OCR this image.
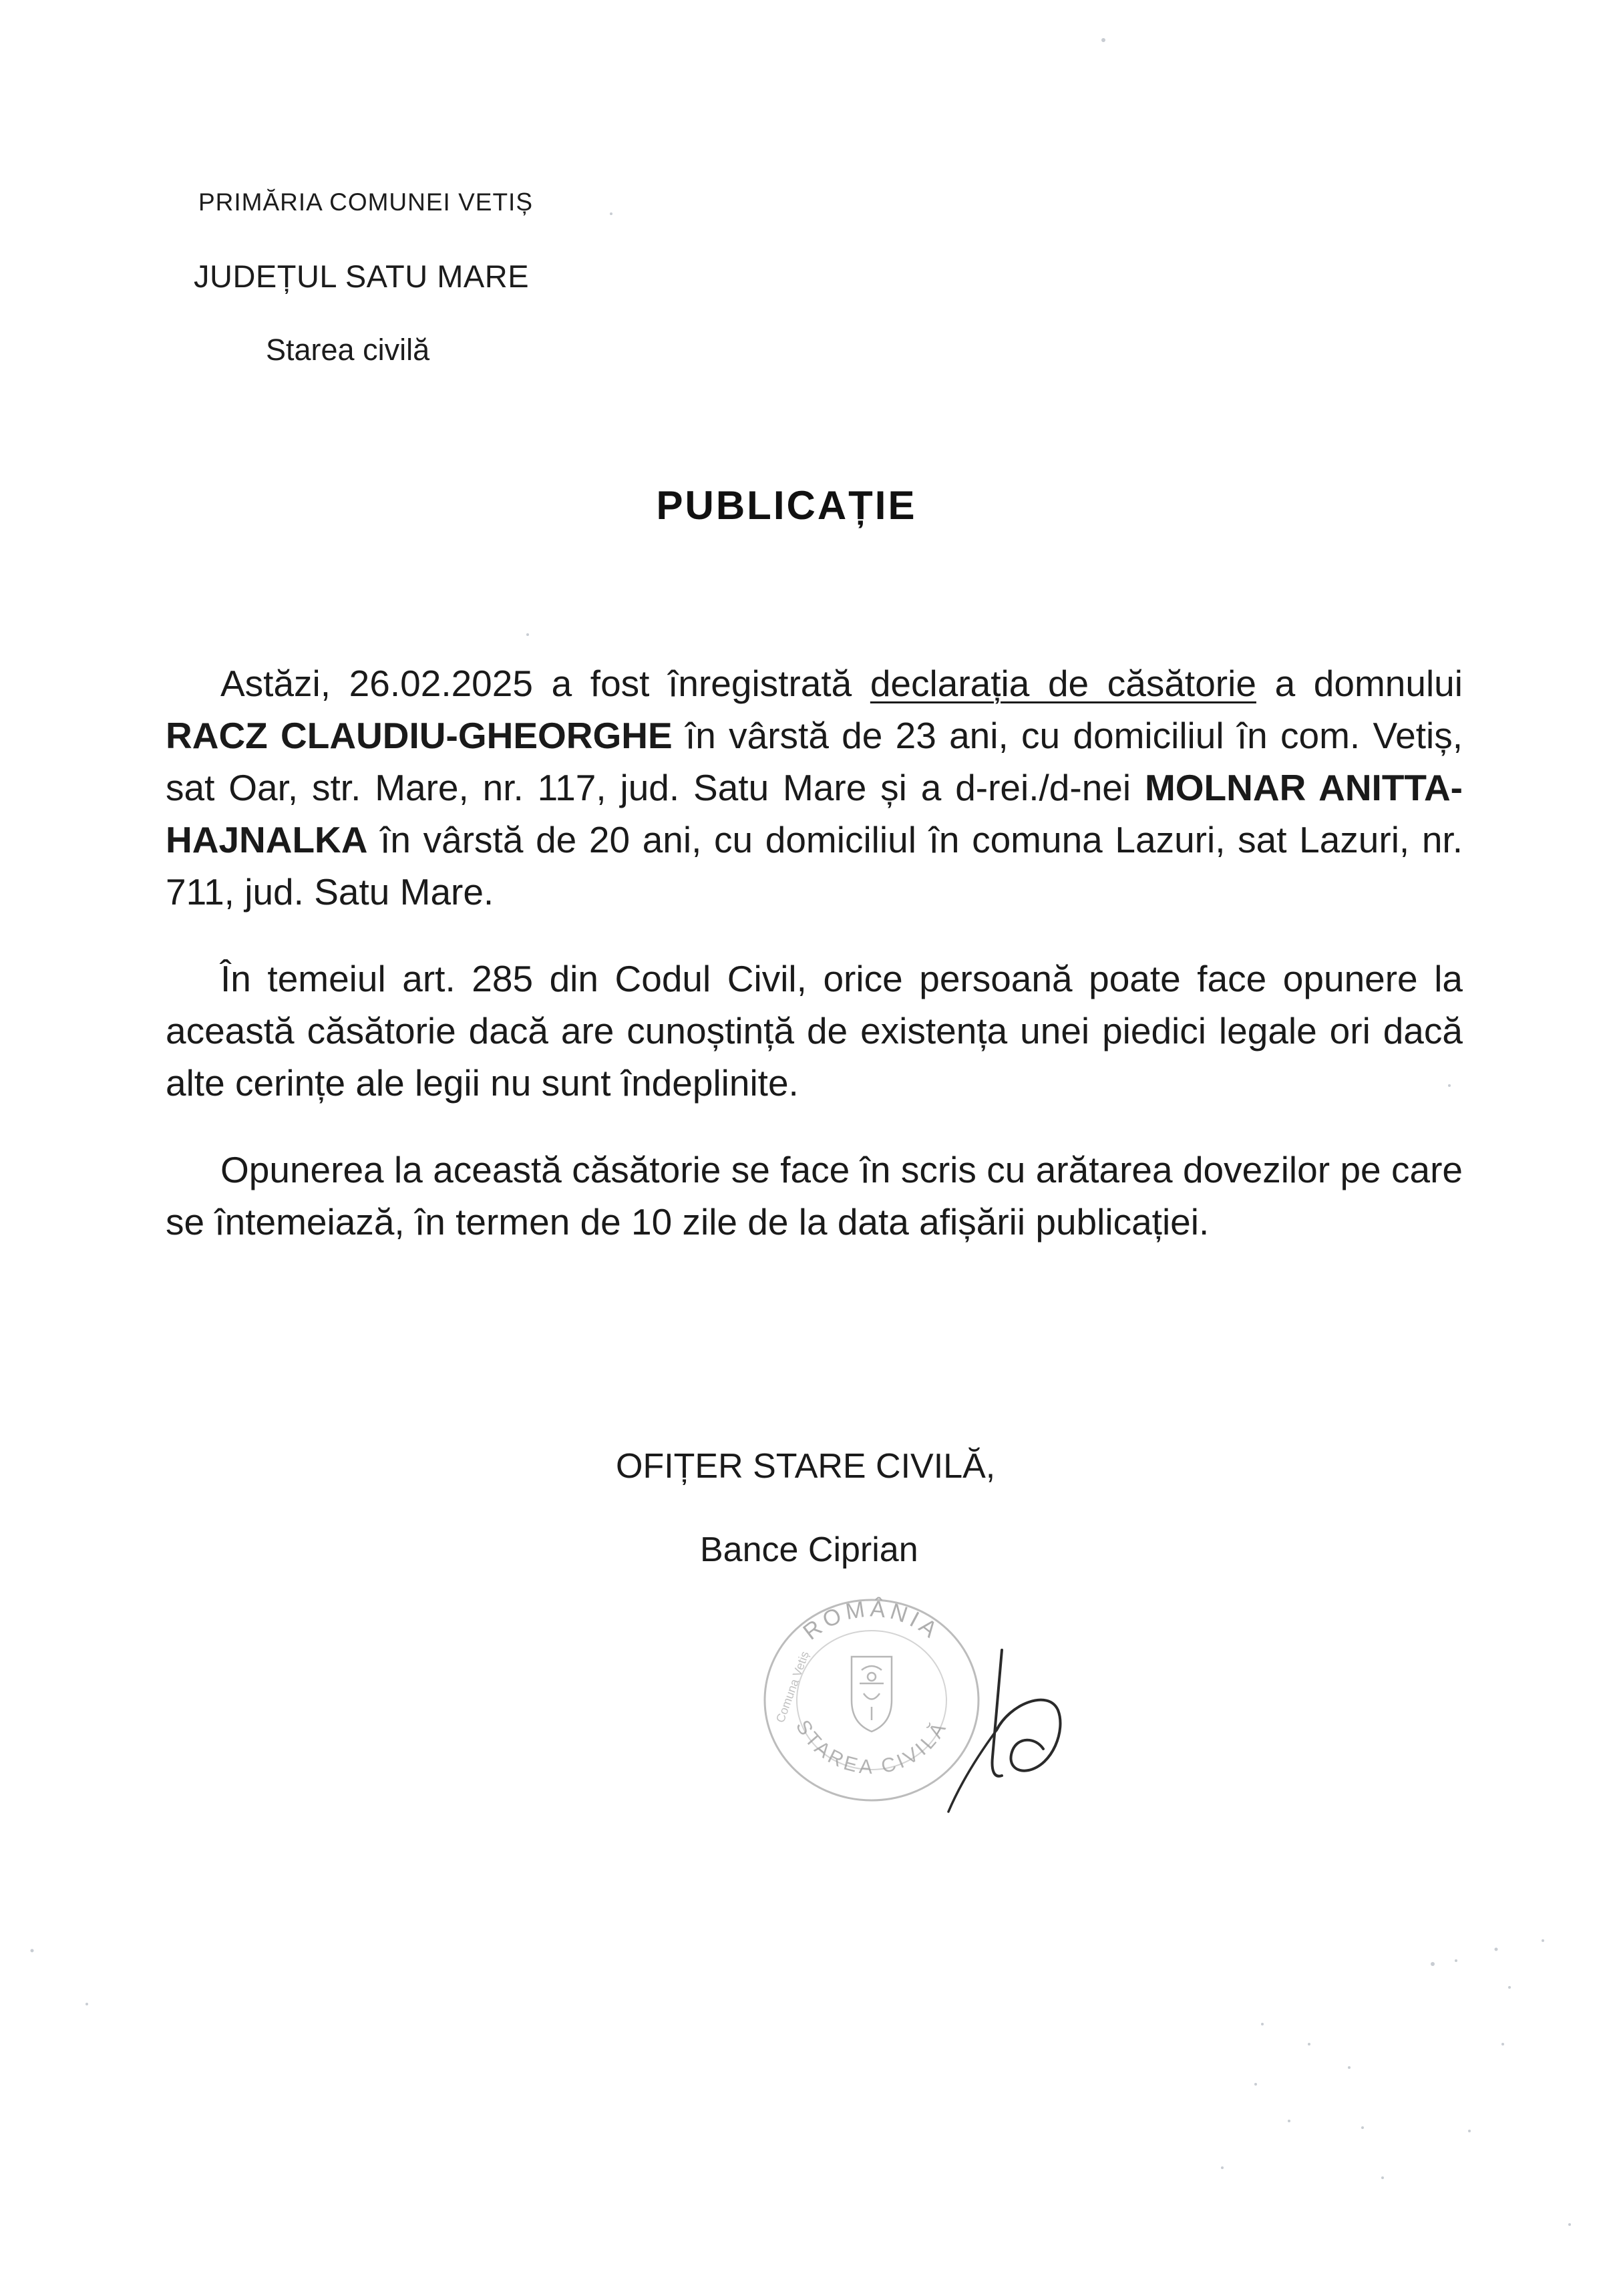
PRIMĂRIA COMUNEI VETIȘ
JUDEȚUL SATU MARE
Starea civilă
PUBLICAȚIE

Astăzi, 26.02.2025 a fost înregistrată declarația de căsătorie a domnului RACZ CLAUDIU-GHEORGHE în vârstă de 23 ani, cu domiciliul în com. Vetiș, sat Oar, str. Mare, nr. 117, jud. Satu Mare și a d-rei./d-nei MOLNAR ANITTA-HAJNALKA în vârstă de 20 ani, cu domiciliul în comuna Lazuri, sat Lazuri, nr. 711, jud. Satu Mare.

În temeiul art. 285 din Codul Civil, orice persoană poate face opunere la această căsătorie dacă are cunoștință de existența unei piedici legale ori dacă alte cerințe ale legii nu sunt îndeplinite.

Opunerea la această căsătorie se face în scris cu arătarea dovezilor pe care se întemeiază, în termen de 10 zile de la data afișării publicației.

OFIȚER STARE CIVILĂ,
Bance Ciprian
ROMÂNIA
STAREA CIVILĂ
Comuna Vetiș
